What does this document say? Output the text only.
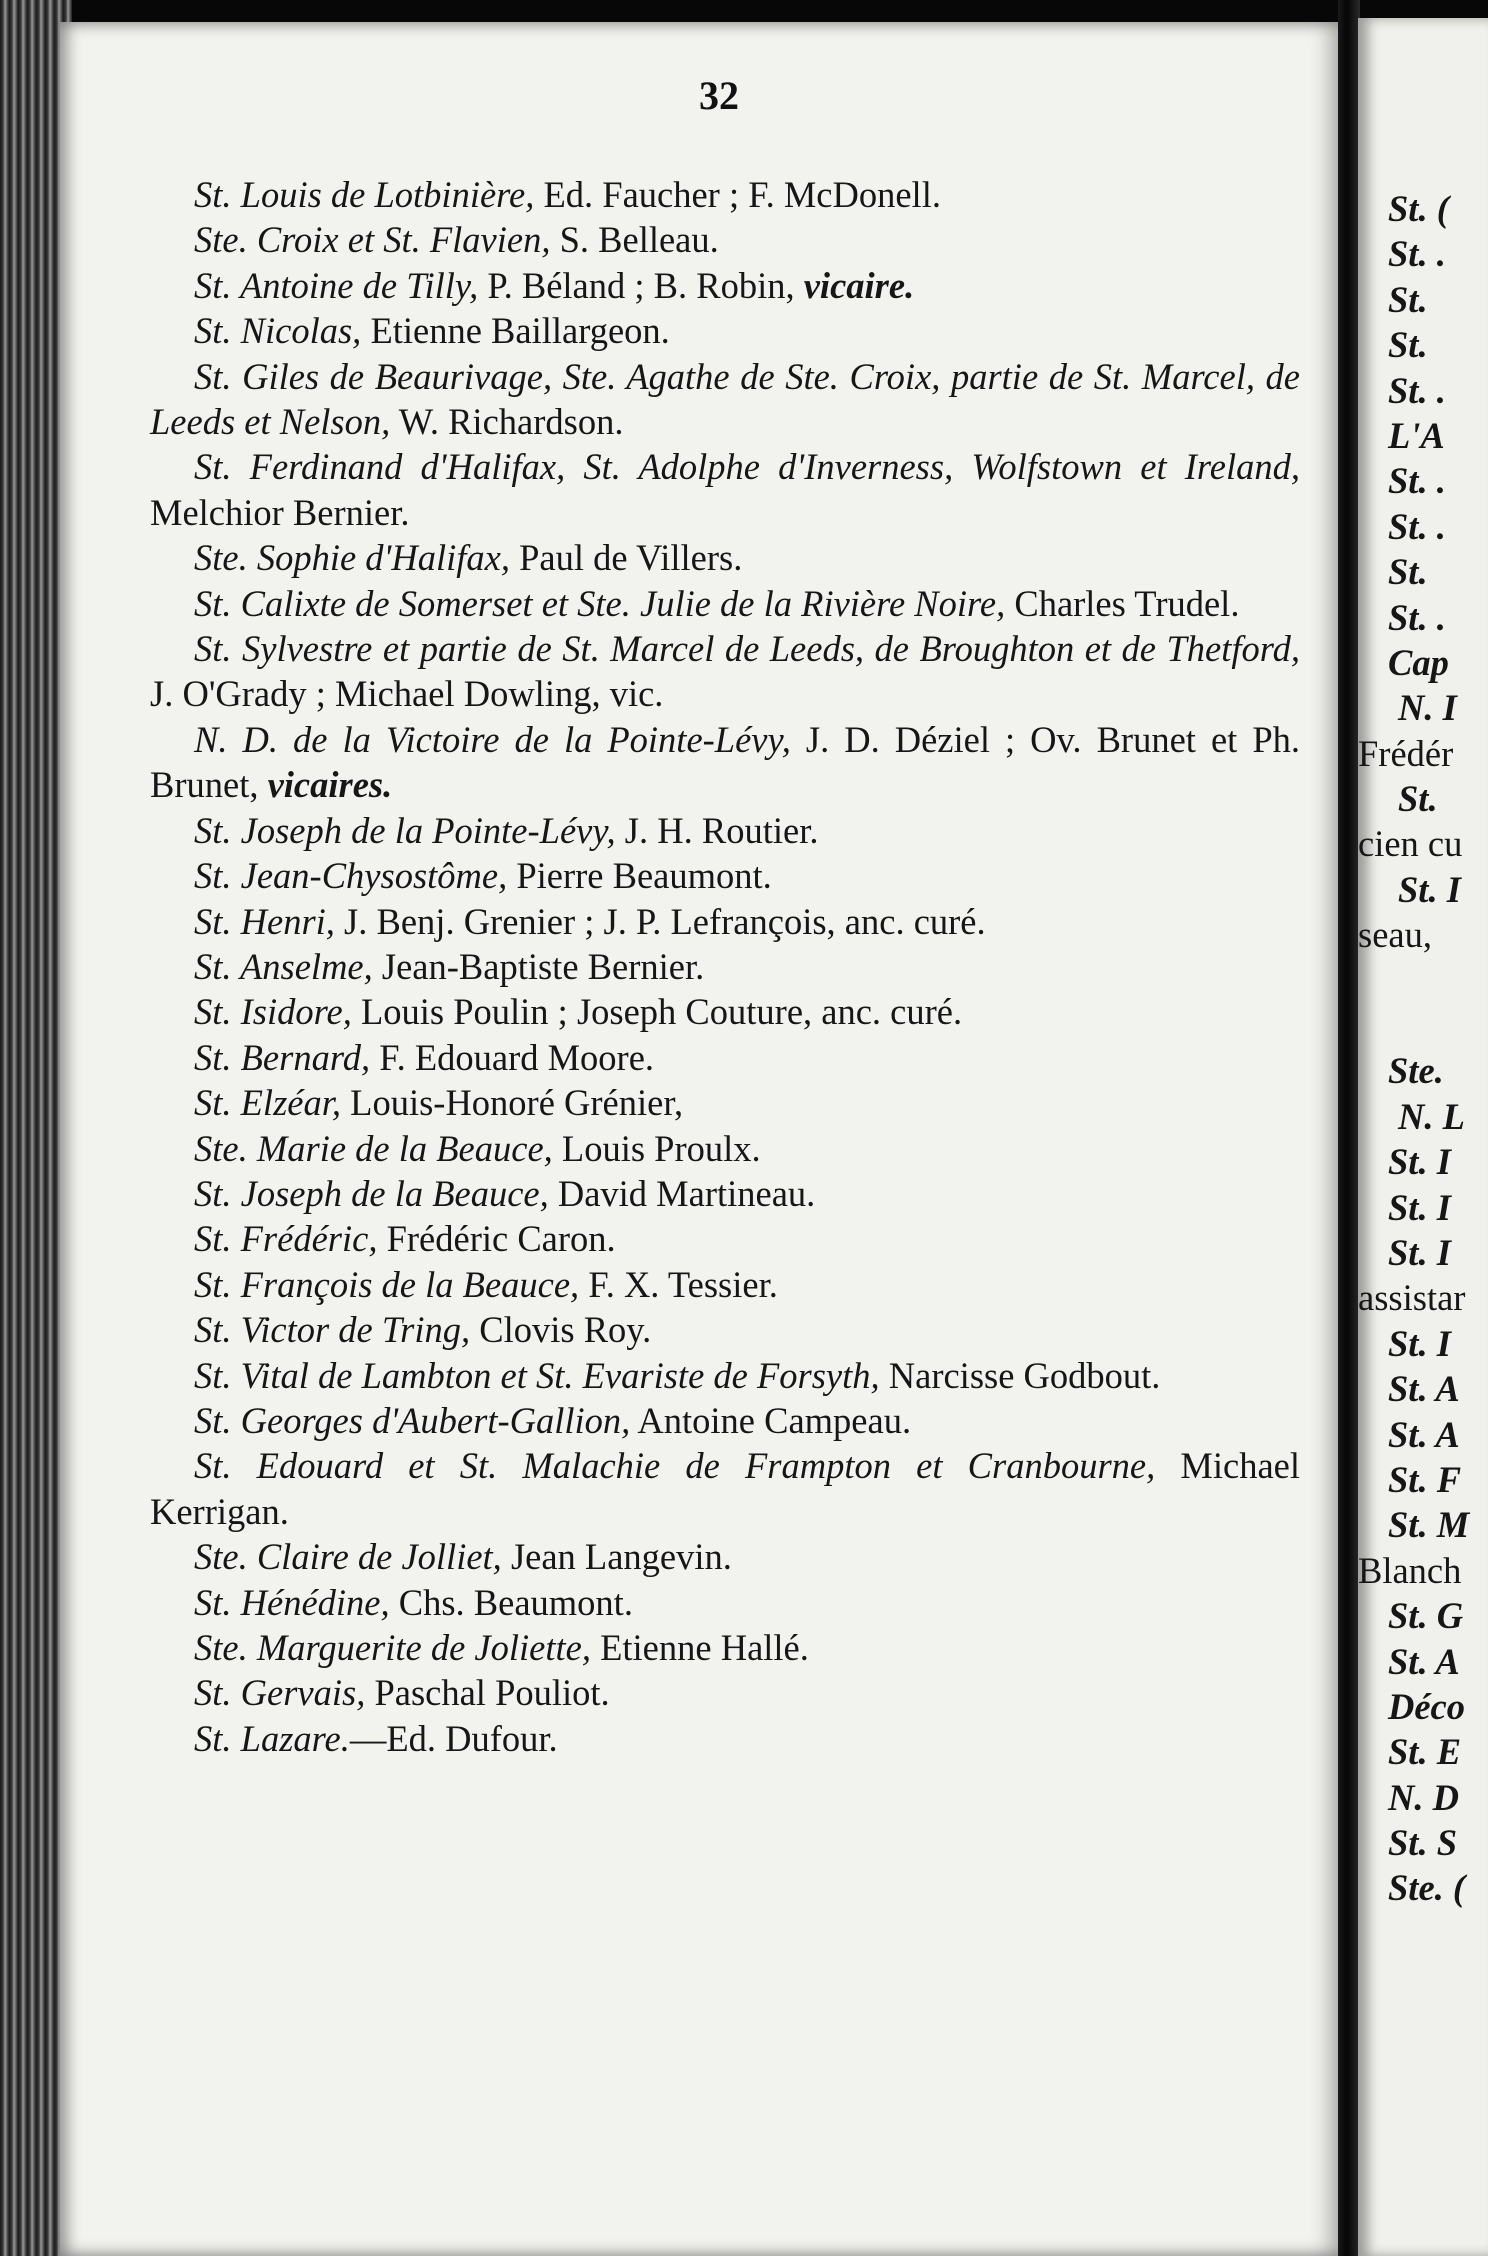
St. (
St. .
St.
St.
St. .
L'A
St. .
St. .
St.
St. .
Cap
N. I
Frédér
St.
cien cu
St. I
seau,
Ste.
N. L
St. I
St. I
St. I
assistar
St. I
St. A
St. A
St. F
St. M
Blanch
St. G
St. A
Déco
St. E
N. D
St. S
Ste. (
32

St. Louis de Lotbinière, Ed. Faucher ; F. McDonell.

Ste. Croix et St. Flavien, S. Belleau.

St. Antoine de Tilly, P. Béland ; B. Robin, vicaire.

St. Nicolas, Etienne Baillargeon.

St. Giles de Beaurivage, Ste. Agathe de Ste. Croix, partie de St. Marcel, de Leeds et Nelson, W. Richardson.

St. Ferdinand d'Halifax, St. Adolphe d'Inverness, Wolfstown et Ireland, Melchior Bernier.

Ste. Sophie d'Halifax, Paul de Villers.

St. Calixte de Somerset et Ste. Julie de la Rivière Noire, Charles Trudel.

St. Sylvestre et partie de St. Marcel de Leeds, de Broughton et de Thetford, J. O'Grady ; Michael Dowling, vic.

N. D. de la Victoire de la Pointe-Lévy, J. D. Déziel ; Ov. Brunet et Ph. Brunet, vicaires.

St. Joseph de la Pointe-Lévy, J. H. Routier.

St. Jean-Chysostôme, Pierre Beaumont.

St. Henri, J. Benj. Grenier ; J. P. Lefrançois, anc. curé.

St. Anselme, Jean-Baptiste Bernier.

St. Isidore, Louis Poulin ; Joseph Couture, anc. curé.

St. Bernard, F. Edouard Moore.

St. Elzéar, Louis-Honoré Grénier,

Ste. Marie de la Beauce, Louis Proulx.

St. Joseph de la Beauce, David Martineau.

St. Frédéric, Frédéric Caron.

St. François de la Beauce, F. X. Tessier.

St. Victor de Tring, Clovis Roy.

St. Vital de Lambton et St. Evariste de Forsyth, Narcisse Godbout.

St. Georges d'Aubert-Gallion, Antoine Campeau.

St. Edouard et St. Malachie de Frampton et Cranbourne, Michael Kerrigan.

Ste. Claire de Jolliet, Jean Langevin.

St. Hénédine, Chs. Beaumont.

Ste. Marguerite de Joliette, Etienne Hallé.

St. Gervais, Paschal Pouliot.

St. Lazare.—Ed. Dufour.
